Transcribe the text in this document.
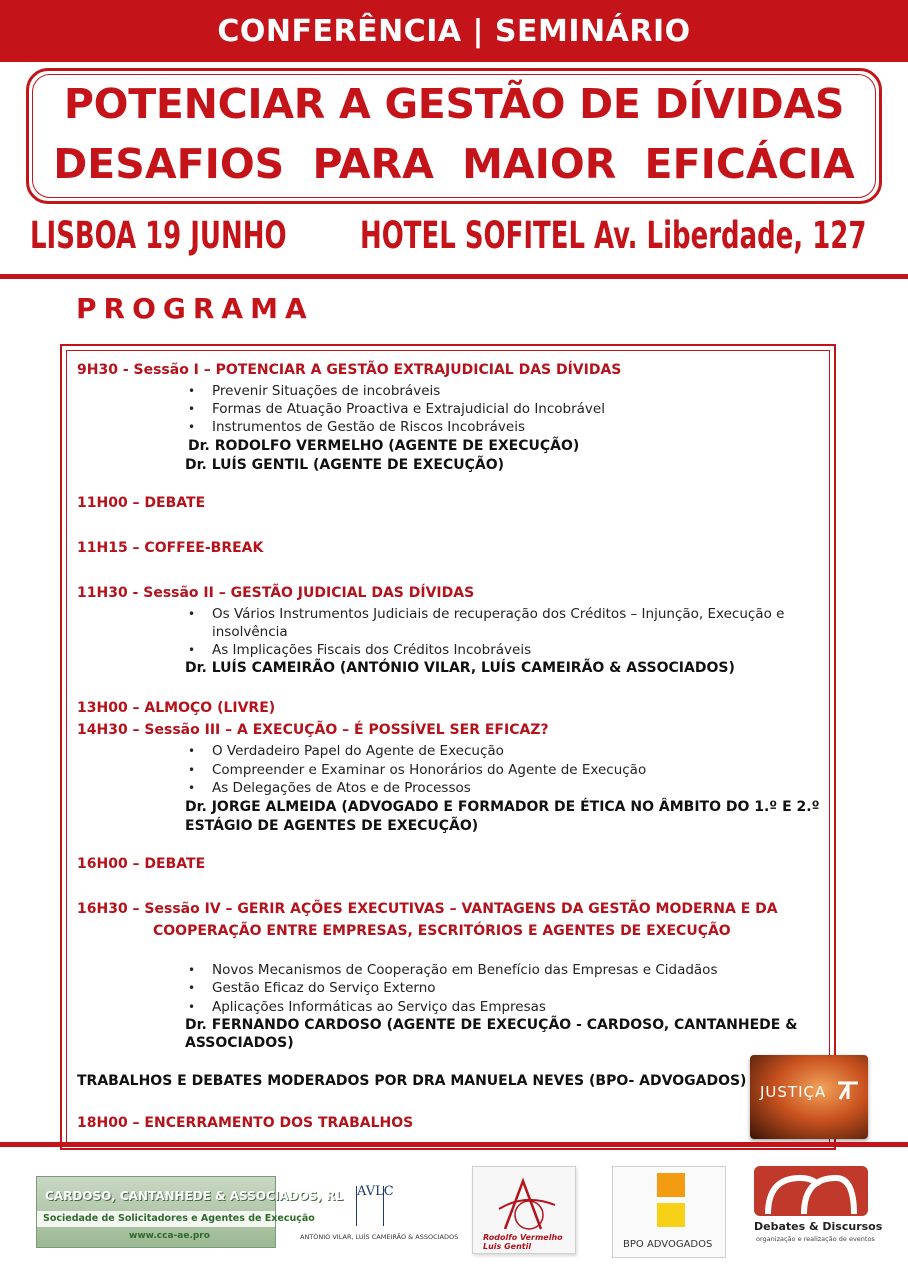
CONFERÊNCIA | SEMINÁRIO
POTENCIAR A GESTÃO DE DÍVIDAS
DESAFIOS PARA MAIOR EFICÁCIA
LISBOA 19 JUNHO HOTEL SOFITEL Av. Liberdade, 127
PROGRAMA
9H30 - Sessão I – POTENCIAR A GESTÃO EXTRAJUDICIAL DAS DÍVIDAS
• Prevenir Situações de incobráveis
• Formas de Atuação Proactiva e Extrajudicial do Incobrável
• Instrumentos de Gestão de Riscos Incobráveis
Dr. RODOLFO VERMELHO (AGENTE DE EXECUÇÃO)
Dr. LUÍS GENTIL (AGENTE DE EXECUÇÃO)
11H00 – DEBATE
11H15 – COFFEE-BREAK
11H30 - Sessão II – GESTÃO JUDICIAL DAS DÍVIDAS
• Os Vários Instrumentos Judiciais de recuperação dos Créditos – Injunção, Execução e
insolvência
• As Implicações Fiscais dos Créditos Incobráveis
Dr. LUÍS CAMEIRÃO (ANTÓNIO VILAR, LUÍS CAMEIRÃO & ASSOCIADOS)
13H00 – ALMOÇO (LIVRE)
14H30 – Sessão III – A EXECUÇÃO – É POSSÍVEL SER EFICAZ?
• O Verdadeiro Papel do Agente de Execução
• Compreender e Examinar os Honorários do Agente de Execução
• As Delegações de Atos e de Processos
Dr. JORGE ALMEIDA (ADVOGADO E FORMADOR DE ÉTICA NO ÂMBITO DO 1.º E 2.º
ESTÁGIO DE AGENTES DE EXECUÇÃO)
16H00 – DEBATE
16H30 – Sessão IV – GERIR AÇÕES EXECUTIVAS – VANTAGENS DA GESTÃO MODERNA E DA
COOPERAÇÃO ENTRE EMPRESAS, ESCRITÓRIOS E AGENTES DE EXECUÇÃO
• Novos Mecanismos de Cooperação em Benefício das Empresas e Cidadãos
• Gestão Eficaz do Serviço Externo
• Aplicações Informáticas ao Serviço das Empresas
Dr. FERNANDO CARDOSO (AGENTE DE EXECUÇÃO - CARDOSO, CANTANHEDE &
ASSOCIADOS)
TRABALHOS E DEBATES MODERADOS POR DRA MANUELA NEVES (BPO- ADVOGADOS)
18H00 – ENCERRAMENTO DOS TRABALHOS
JUSTIÇA
CARDOSO, CANTANHEDE & ASSOCIADOS, RL
Sociedade de Solicitadores e Agentes de Execução
www.cca-ae.pro
AVLC
ANTÓNIO VILAR, LUÍS CAMEIRÃO & ASSOCIADOS	Rodolfo Vermelho
Luis Gentil	BPO ADVOGADOS
Debates & Discursos
organização e realização de eventos
